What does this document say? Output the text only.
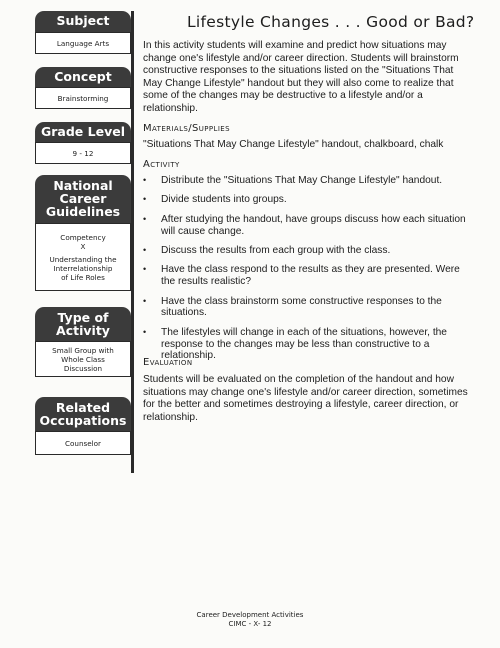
Subject
Language Arts
Concept
Brainstorming
Grade Level
9 - 12
National
Career
Guidelines
Competency
X
Understanding the
Interrelationship
of Life Roles
Type of
Activity
Small Group with
Whole Class
Discussion
Related
Occupations
Counselor
Lifestyle Changes . . . Good or Bad?
In this activity students will examine and predict how situations may change one's lifestyle and/or career direction. Students will brainstorm constructive responses to the situations listed on the "Situations That May Change Lifestyle" handout but they will also come to realize that some of the changes may be destructive to a lifestyle and/or a relationship.
Materials/Supplies
"Situations That May Change Lifestyle" handout, chalkboard, chalk
Activity
• Distribute the "Situations That May Change Lifestyle" handout.
• Divide students into groups.
• After studying the handout, have groups discuss how each situation will cause change.
• Discuss the results from each group with the class.
• Have the class respond to the results as they are presented. Were the results realistic?
• Have the class brainstorm some constructive responses to the situations.
• The lifestyles will change in each of the situations, however, the response to the changes may be less than constructive to a relationship.
Evaluation
Students will be evaluated on the completion of the handout and how situations may change one's lifestyle and/or career direction, sometimes for the better and sometimes destroying a lifestyle, career direction, or relationship.
Career Development Activities
CIMC - X- 12
